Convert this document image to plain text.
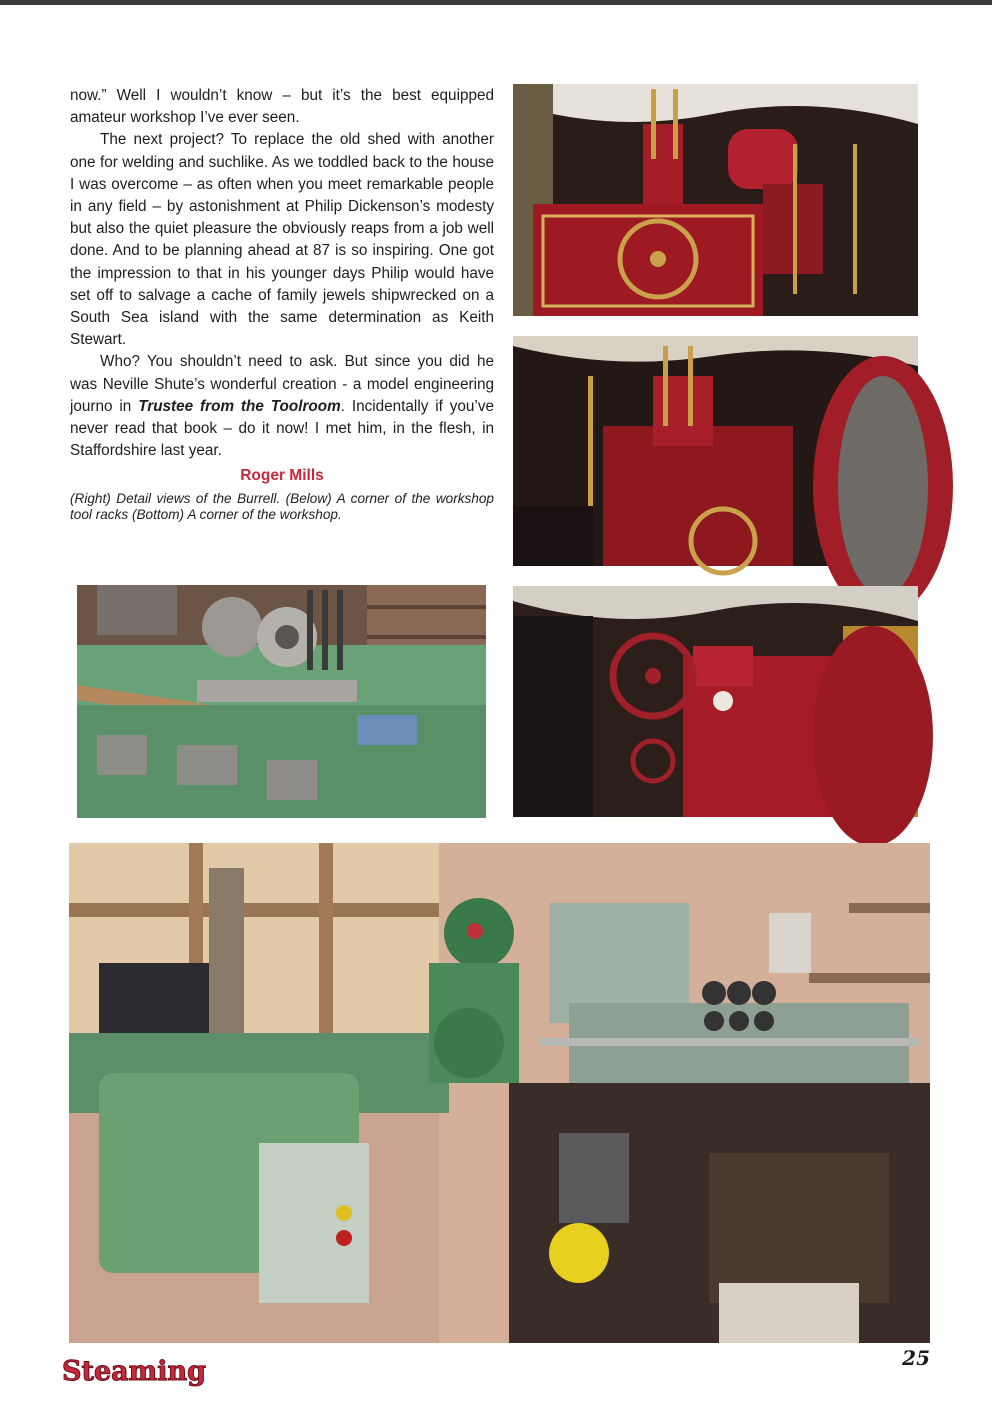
now.” Well I wouldn’t know – but it’s the best equipped amateur workshop I’ve ever seen.

The next project? To replace the old shed with another one for welding and suchlike. As we toddled back to the house I was overcome – as often when you meet remarkable people in any field – by astonishment at Philip Dickenson’s modesty but also the quiet pleasure the obviously reaps from a job well done. And to be planning ahead at 87 is so inspiring. One got the impression to that in his younger days Philip would have set off to salvage a cache of family jewels shipwrecked on a South Sea island with the same determination as Keith Stewart.

Who? You shouldn’t need to ask. But since you did he was Neville Shute’s wonderful creation - a model engineering journo in Trustee from the Toolroom. Incidentally if you’ve never read that book – do it now! I met him, in the flesh, in Staffordshire last year.

Roger Mills
(Right) Detail views of the Burrell. (Below) A corner of the workshop tool racks (Bottom) A corner of the workshop.
Steaming	25
